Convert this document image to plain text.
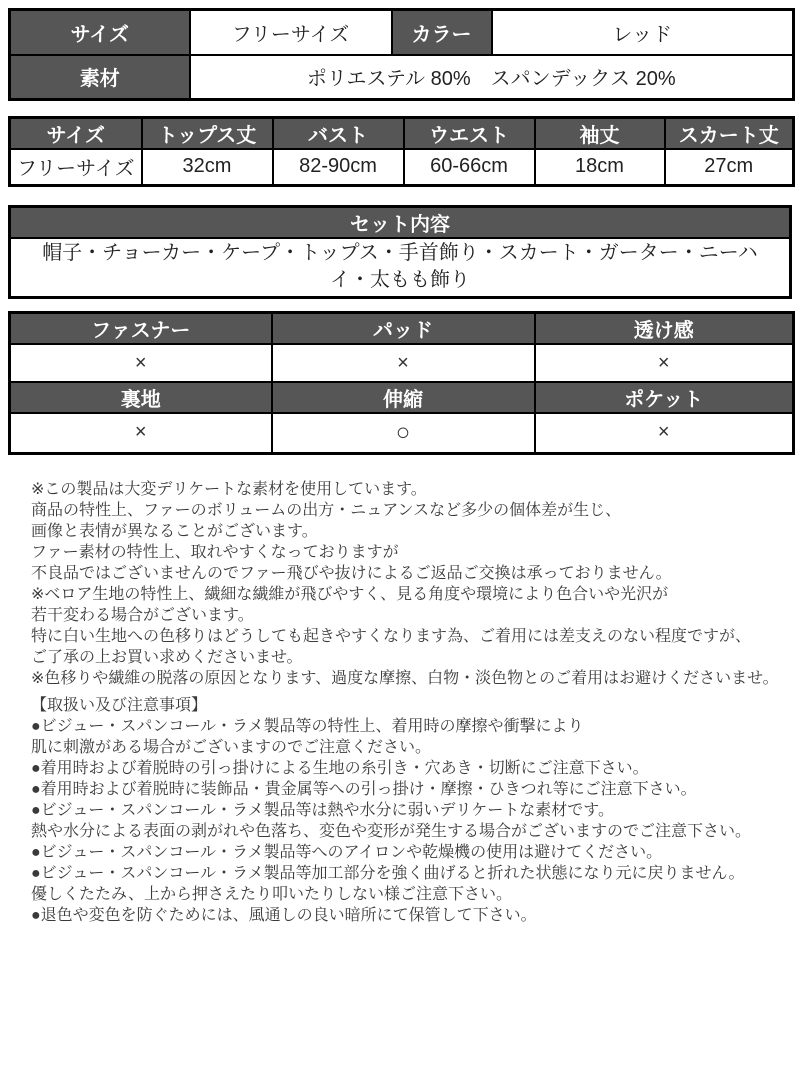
サイズ	フリーサイズ	カラー	レッド
素材	ポリエステル 80%　スパンデックス 20%		
サイズ	トップス丈	バスト	ウエスト	袖丈	スカート丈
フリーサイズ	32cm	82-90cm	60-66cm	18cm	27cm
セット内容
帽子・チョーカー・ケープ・トップス・手首飾り・スカート・ガーター・ニーハイ・太もも飾り
ファスナー	パッド	透け感
×	×	×
裏地	伸縮	ポケット
×	○	×
※この製品は大変デリケートな素材を使用しています。
商品の特性上、ファーのボリュームの出方・ニュアンスなど多少の個体差が生じ、
画像と表情が異なることがございます。
ファー素材の特性上、取れやすくなっておりますが
不良品ではございませんのでファー飛びや抜けによるご返品ご交換は承っておりません。
※ベロア生地の特性上、繊細な繊維が飛びやすく、見る角度や環境により色合いや光沢が
若干変わる場合がございます。
特に白い生地への色移りはどうしても起きやすくなります為、ご着用には差支えのない程度ですが、
ご了承の上お買い求めくださいませ。
※色移りや繊維の脱落の原因となります、過度な摩擦、白物・淡色物とのご着用はお避けくださいませ。
【取扱い及び注意事項】
●ビジュー・スパンコール・ラメ製品等の特性上、着用時の摩擦や衝撃により
肌に刺激がある場合がございますのでご注意ください。
●着用時および着脱時の引っ掛けによる生地の糸引き・穴あき・切断にご注意下さい。
●着用時および着脱時に装飾品・貴金属等への引っ掛け・摩擦・ひきつれ等にご注意下さい。
●ビジュー・スパンコール・ラメ製品等は熱や水分に弱いデリケートな素材です。
熱や水分による表面の剥がれや色落ち、変色や変形が発生する場合がございますのでご注意下さい。
●ビジュー・スパンコール・ラメ製品等へのアイロンや乾燥機の使用は避けてください。
●ビジュー・スパンコール・ラメ製品等加工部分を強く曲げると折れた状態になり元に戻りません。
優しくたたみ、上から押さえたり叩いたりしない様ご注意下さい。
●退色や変色を防ぐためには、風通しの良い暗所にて保管して下さい。
